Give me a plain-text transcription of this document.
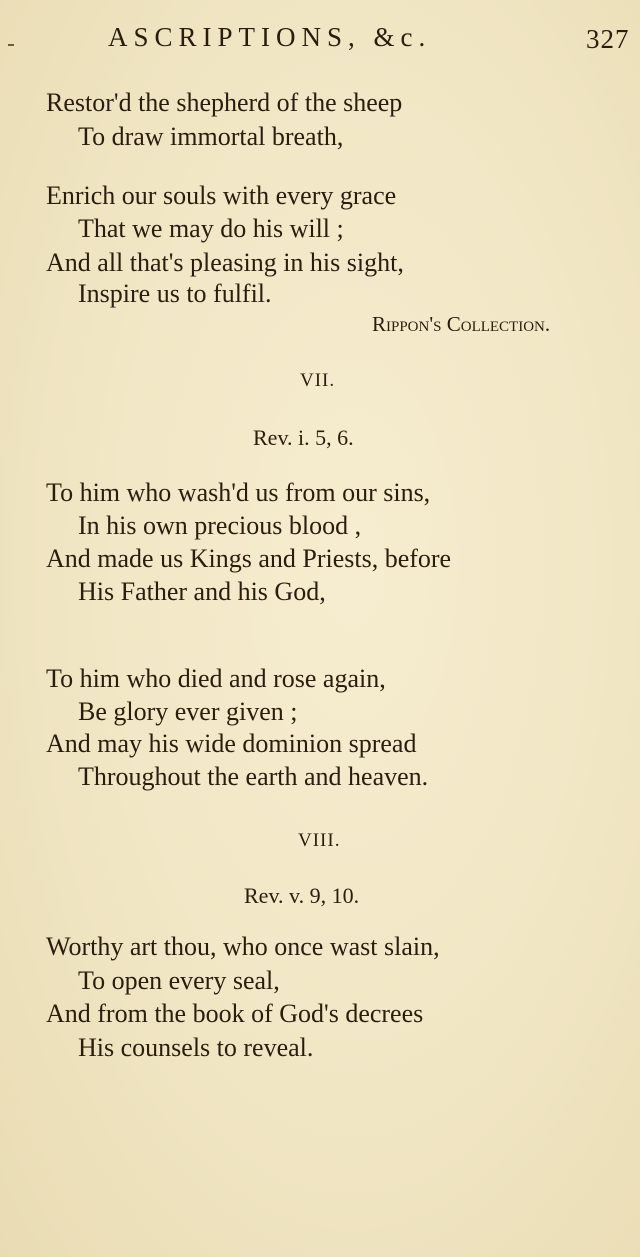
ASCRIPTIONS, &c.	327
Restor'd the shepherd of the sheep
To draw immortal breath,
Enrich our souls with every grace
That we may do his will ;
And all that's pleasing in his sight,
Inspire us to fulfil.
Rippon's Collection.
VII.
Rev. i. 5, 6.
To him who wash'd us from our sins,
In his own precious blood ,
And made us Kings and Priests, before
His Father and his God,
To him who died and rose again,
Be glory ever given ;
And may his wide dominion spread
Throughout the earth and heaven.
VIII.
Rev. v. 9, 10.
Worthy art thou, who once wast slain,
To open every seal,
And from the book of God's decrees
His counsels to reveal.
